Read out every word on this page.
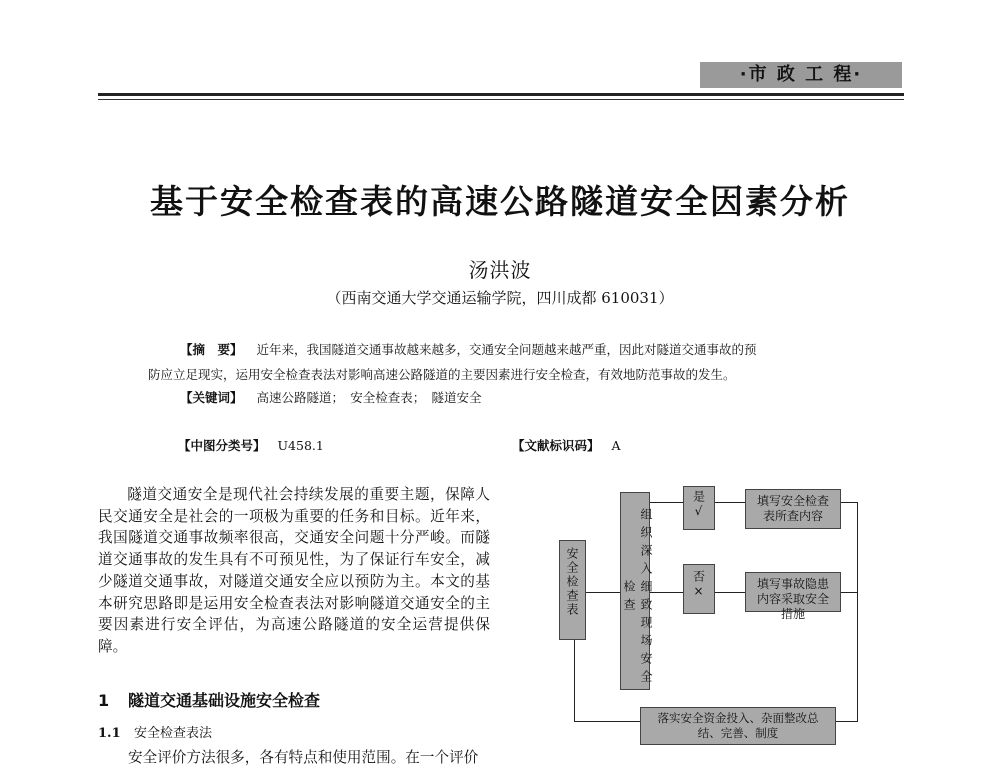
·市 政 工 程·
基于安全检查表的高速公路隧道安全因素分析
汤洪波
（西南交通大学交通运输学院，四川成都 610031）
【摘　要】 近年来，我国隧道交通事故越来越多，交通安全问题越来越严重，因此对隧道交通事故的预
防应立足现实，运用安全检查表法对影响高速公路隧道的主要因素进行安全检查，有效地防范事故的发生。
【关键词】 高速公路隧道；　安全检查表；　隧道安全
【中图分类号】 U458.1	【文献标识码】 A

隧道交通安全是现代社会持续发展的重要主题，保障人民交通安全是社会的一项极为重要的任务和目标。近年来，我国隧道交通事故频率很高，交通安全问题十分严峻。而隧道交通事故的发生具有不可预见性，为了保证行车安全，减少隧道交通事故，对隧道交通安全应以预防为主。本文的基本研究思路即是运用安全检查表法对影响隧道交通安全的主要因素进行安全评估，为高速公路隧道的安全运营提供保障。

1 隧道交通基础设施安全检查
1.1 安全检查表法
安全评价方法很多，各有特点和使用范围。在一个评价
安全检查表	组织深入细致现场安全检查
是√
否×
填写安全检查表所查内容
填写事故隐患内容采取安全措施
落实安全资金投入、杂面整改总结、完善、制度
